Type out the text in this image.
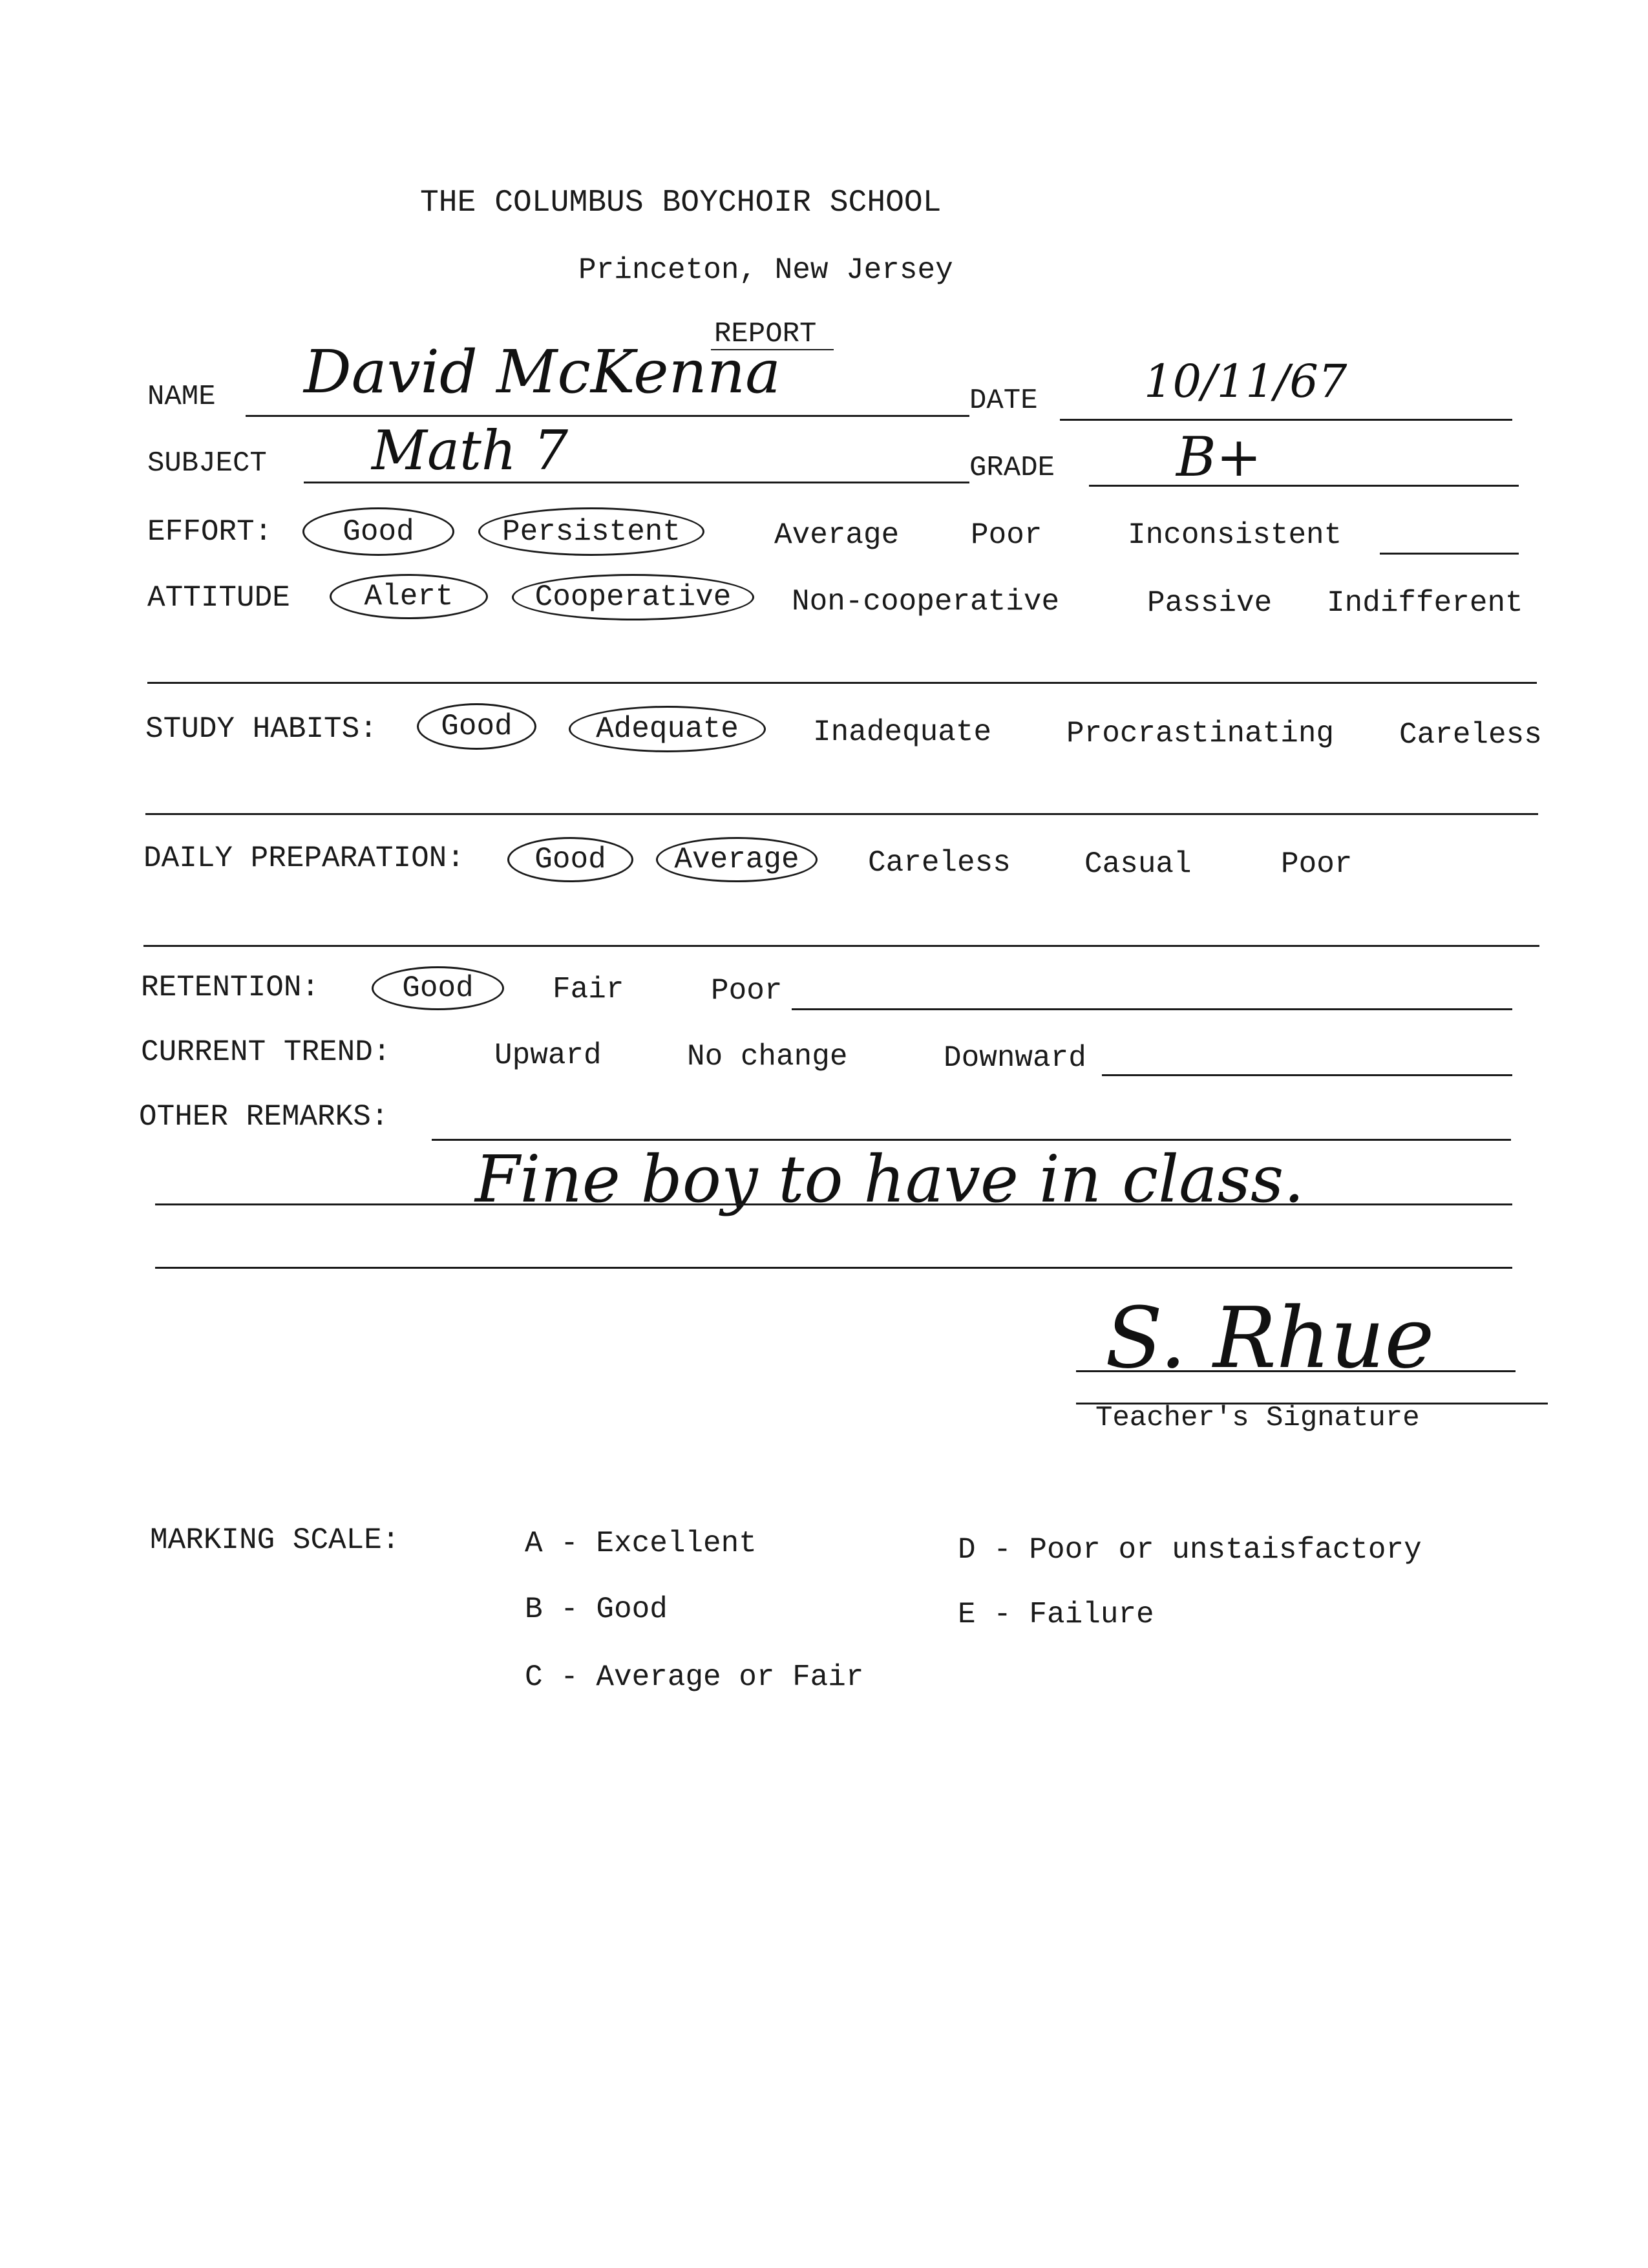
THE COLUMBUS BOYCHOIR SCHOOL
Princeton, New Jersey
REPORT
NAME David McKenna	DATE 10/11/67
SUBJECT Math 7	GRADE B+
EFFORT:	Good	Persistent	Average Poor	Inconsistent
ATTITUDE	Alert	Cooperative	Non-cooperative	Passive Indifferent
STUDY HABITS:	Good	Adequate	Inadequate	Procrastinating Careless
DAILY PREPARATION:	Good	Average	Careless Casual	Poor
RETENTION:	Good	Fair	Poor
CURRENT TREND:	Upward	No change	Downward
OTHER REMARKS:
Fine boy to have in class.
S. Rhue
Teacher's Signature
MARKING SCALE:	A - Excellent
B - Good
C - Average or Fair
D - Poor or unstaisfactory
E - Failure
